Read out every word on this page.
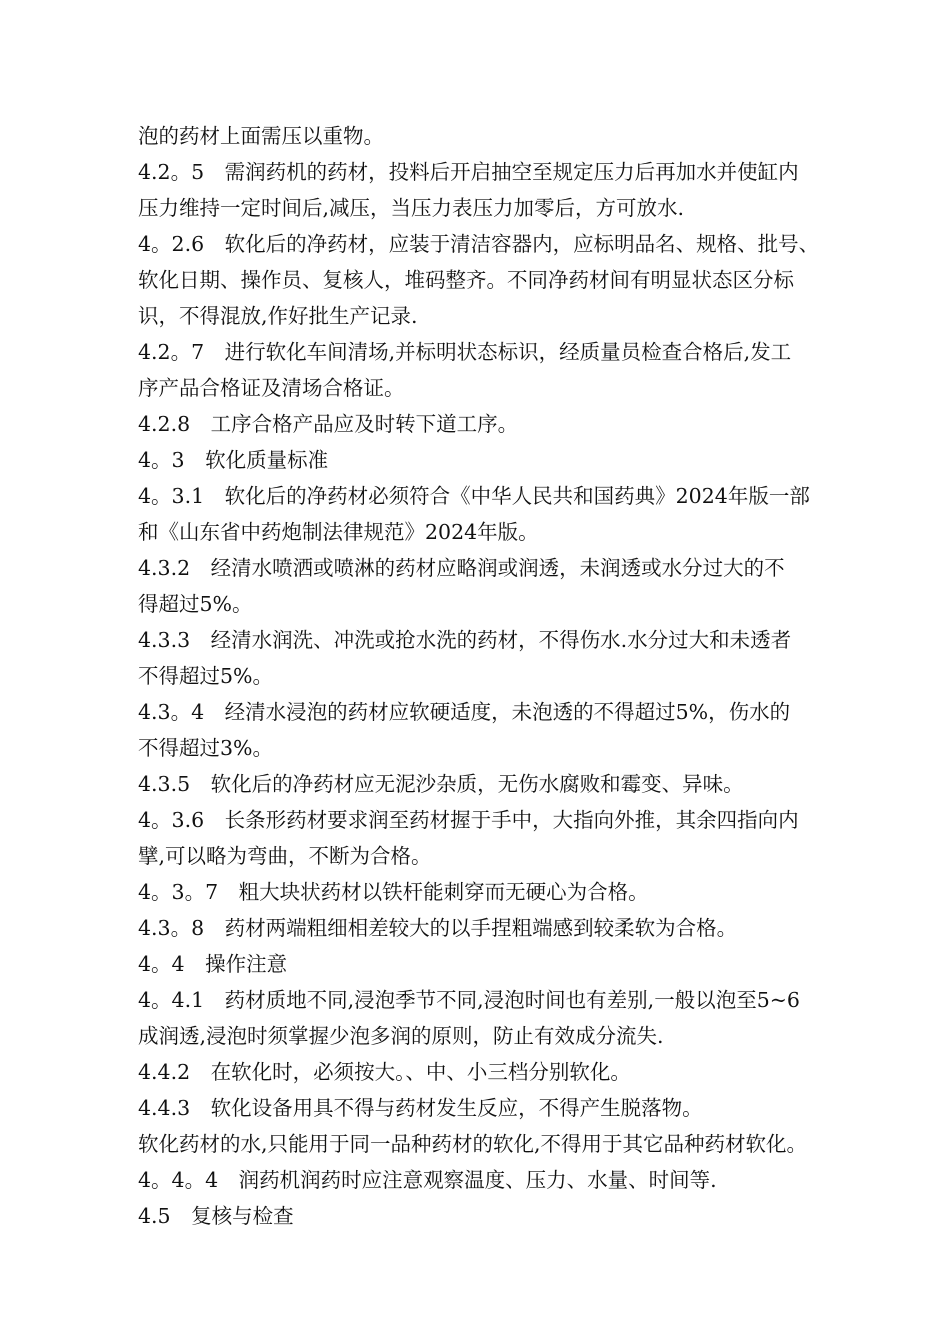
泡的药材上面需压以重物。
4.2。5　需润药机的药材，投料后开启抽空至规定压力后再加水并使缸内
压力维持一定时间后,减压，当压力表压力加零后，方可放水.
4。2.6　软化后的净药材，应装于清洁容器内，应标明品名、规格、批号、
软化日期、操作员、复核人，堆码整齐。不同净药材间有明显状态区分标
识，不得混放,作好批生产记录.
4.2。7　进行软化车间清场,并标明状态标识，经质量员检查合格后,发工
序产品合格证及清场合格证。
4.2.8　工序合格产品应及时转下道工序。
4。3　软化质量标准
4。3.1　软化后的净药材必须符合《中华人民共和国药典》2024年版一部
和《山东省中药炮制法律规范》2024年版。
4.3.2　经清水喷洒或喷淋的药材应略润或润透，未润透或水分过大的不
得超过5%。
4.3.3　经清水润洗、冲洗或抢水洗的药材，不得伤水.水分过大和未透者
不得超过5%。
4.3。4　经清水浸泡的药材应软硬适度，未泡透的不得超过5%，伤水的
不得超过3%。
4.3.5　软化后的净药材应无泥沙杂质，无伤水腐败和霉变、异味。
4。3.6　长条形药材要求润至药材握于手中，大指向外推，其余四指向内
擘,可以略为弯曲，不断为合格。
4。3。7　粗大块状药材以铁杆能刺穿而无硬心为合格。
4.3。8　药材两端粗细相差较大的以手捏粗端感到较柔软为合格。
4。4　操作注意
4。4.1　药材质地不同,浸泡季节不同,浸泡时间也有差别,一般以泡至5~6
成润透,浸泡时须掌握少泡多润的原则，防止有效成分流失.
4.4.2　在软化时，必须按大。、中、小三档分别软化。
4.4.3　软化设备用具不得与药材发生反应，不得产生脱落物。
软化药材的水,只能用于同一品种药材的软化,不得用于其它品种药材软化。
4。4。4　润药机润药时应注意观察温度、压力、水量、时间等.
4.5　复核与检查
